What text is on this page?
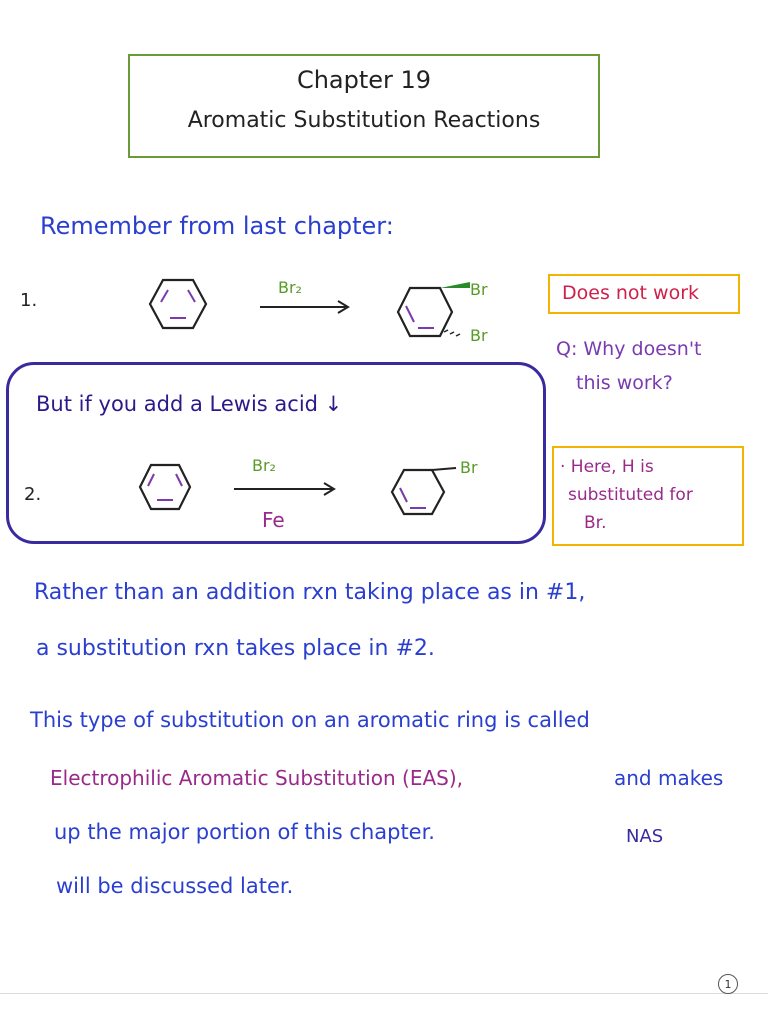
Chapter 19
Aromatic Substitution Reactions
Remember from last chapter:
1.
Br₂	Br
Br
Does not work
Q: Why doesn't
this work?
But if you add a Lewis acid ↓
2.
Br₂
Fe
Br	· Here, H is
substituted for
Br.
Rather than an addition rxn taking place as in #1,
a substitution rxn takes place in #2.
This type of substitution on an aromatic ring is called
Electrophilic Aromatic Substitution (EAS),	and makes
up the major portion of this chapter.	NAS
will be discussed later.
1
